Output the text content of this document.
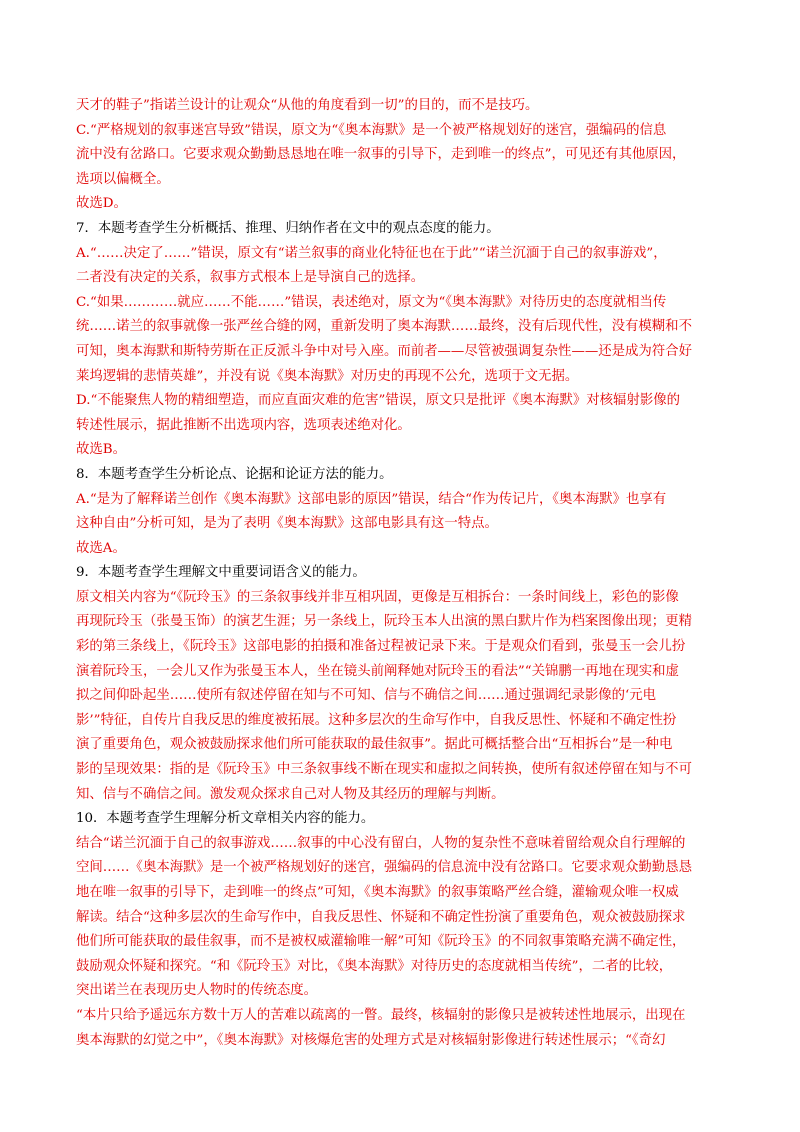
天才的鞋子”指诺兰设计的让观众“从他的角度看到一切”的目的，而不是技巧。
C.“严格规划的叙事迷宫导致”错误，原文为“《奥本海默》是一个被严格规划好的迷宫，强编码的信息
流中没有岔路口。它要求观众勤勤恳恳地在唯一叙事的引导下，走到唯一的终点”，可见还有其他原因，
选项以偏概全。
故选D。
7．本题考查学生分析概括、推理、归纳作者在文中的观点态度的能力。
A.“……决定了……”错误，原文有“诺兰叙事的商业化特征也在于此”“诺兰沉湎于自己的叙事游戏”，
二者没有决定的关系，叙事方式根本上是导演自己的选择。
C.“如果…………就应……不能……”错误，表述绝对，原文为“《奥本海默》对待历史的态度就相当传
统……诺兰的叙事就像一张严丝合缝的网，重新发明了奥本海默……最终，没有后现代性，没有模糊和不
可知，奥本海默和斯特劳斯在正反派斗争中对号入座。而前者——尽管被强调复杂性——还是成为符合好
莱坞逻辑的悲情英雄”，并没有说《奥本海默》对历史的再现不公允，选项于文无据。
D.“不能聚焦人物的精细塑造，而应直面灾难的危害”错误，原文只是批评《奥本海默》对核辐射影像的
转述性展示，据此推断不出选项内容，选项表述绝对化。
故选B。
8．本题考查学生分析论点、论据和论证方法的能力。
A.“是为了解释诺兰创作《奥本海默》这部电影的原因”错误，结合“作为传记片，《奥本海默》也享有
这种自由”分析可知，是为了表明《奥本海默》这部电影具有这一特点。
故选A。
9．本题考查学生理解文中重要词语含义的能力。
原文相关内容为“《阮玲玉》的三条叙事线并非互相巩固，更像是互相拆台：一条时间线上，彩色的影像
再现阮玲玉（张曼玉饰）的演艺生涯；另一条线上，阮玲玉本人出演的黑白默片作为档案图像出现；更精
彩的第三条线上，《阮玲玉》这部电影的拍摄和准备过程被记录下来。于是观众们看到，张曼玉一会儿扮
演着阮玲玉，一会儿又作为张曼玉本人，坐在镜头前阐释她对阮玲玉的看法”“关锦鹏一再地在现实和虚
拟之间仰卧起坐……使所有叙述停留在知与不可知、信与不确信之间……通过强调纪录影像的‘元电
影’”特征，自传片自我反思的维度被拓展。这种多层次的生命写作中，自我反思性、怀疑和不确定性扮
演了重要角色，观众被鼓励探求他们所可能获取的最佳叙事”。据此可概括整合出“互相拆台”是一种电
影的呈现效果：指的是《阮玲玉》中三条叙事线不断在现实和虚拟之间转换，使所有叙述停留在知与不可
知、信与不确信之间。激发观众探求自己对人物及其经历的理解与判断。
10．本题考查学生理解分析文章相关内容的能力。
结合“诺兰沉湎于自己的叙事游戏……叙事的中心没有留白，人物的复杂性不意味着留给观众自行理解的
空间……《奥本海默》是一个被严格规划好的迷宫，强编码的信息流中没有岔路口。它要求观众勤勤恳恳
地在唯一叙事的引导下，走到唯一的终点”可知，《奥本海默》的叙事策略严丝合缝，灌输观众唯一权威
解读。结合“这种多层次的生命写作中，自我反思性、怀疑和不确定性扮演了重要角色，观众被鼓励探求
他们所可能获取的最佳叙事，而不是被权威灌输唯一解”可知《阮玲玉》的不同叙事策略充满不确定性，
鼓励观众怀疑和探究。“和《阮玲玉》对比，《奥本海默》对待历史的态度就相当传统”，二者的比较，
突出诺兰在表现历史人物时的传统态度。
“本片只给予遥远东方数十万人的苦难以疏离的一瞥。最终，核辐射的影像只是被转述性地展示，出现在
奥本海默的幻觉之中”，《奥本海默》对核爆危害的处理方式是对核辐射影像进行转述性展示；“《奇幻
